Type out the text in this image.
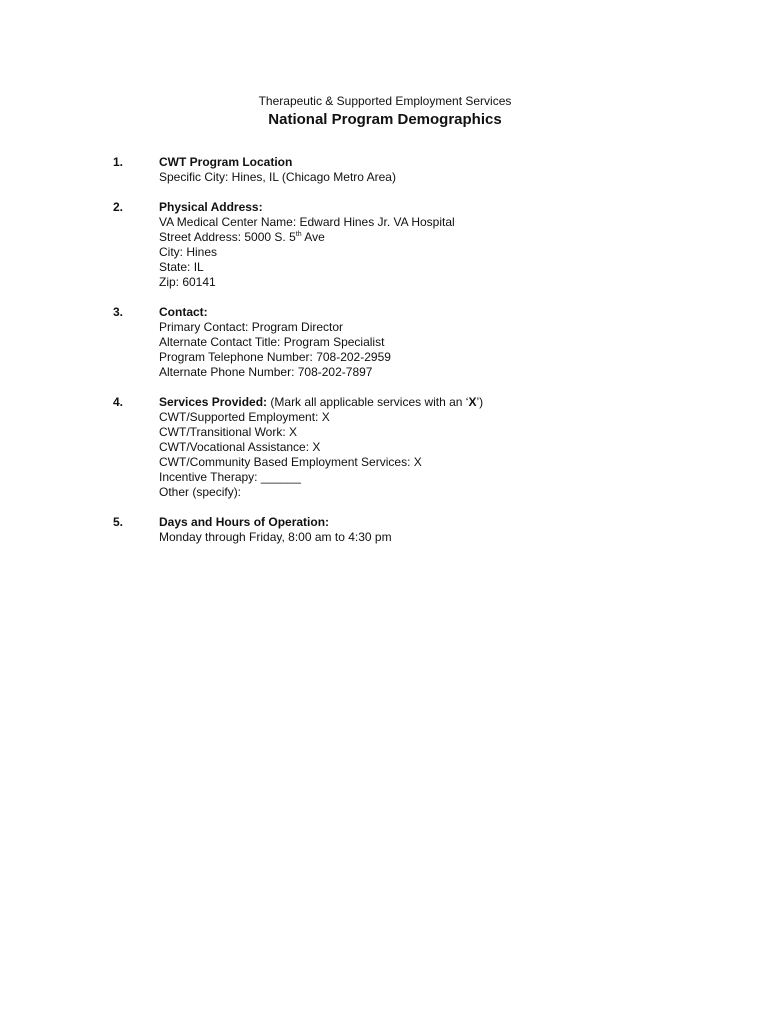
Therapeutic & Supported Employment Services
National Program Demographics
1.	CWT Program Location
Specific City: Hines, IL (Chicago Metro Area)
2.	Physical Address:
VA Medical Center Name: Edward Hines Jr. VA Hospital
Street Address: 5000 S. 5th Ave
City: Hines
State: IL
Zip: 60141
3.	Contact:
Primary Contact: Program Director
Alternate Contact Title: Program Specialist
Program Telephone Number: 708-202-2959
Alternate Phone Number: 708-202-7897
4.	Services Provided: (Mark all applicable services with an ‘X’)
CWT/Supported Employment: X
CWT/Transitional Work: X
CWT/Vocational Assistance: X
CWT/Community Based Employment Services: X
Incentive Therapy: ______
Other (specify):
5.	Days and Hours of Operation:
Monday through Friday, 8:00 am to 4:30 pm
